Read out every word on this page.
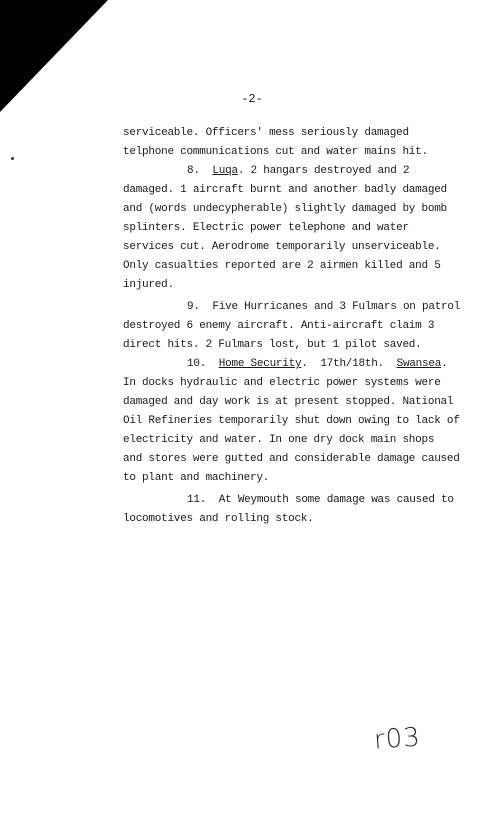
-2-
serviceable. Officers' mess seriously damaged
telphone communications cut and water mains hit.
8. Luqa. 2 hangars destroyed and 2
damaged. 1 aircraft burnt and another badly damaged
and (words undecypherable) slightly damaged by bomb
splinters. Electric power telephone and water
services cut. Aerodrome temporarily unserviceable.
Only casualties reported are 2 airmen killed and 5
injured.
9. Five Hurricanes and 3 Fulmars on patrol
destroyed 6 enemy aircraft. Anti-aircraft claim 3
direct hits. 2 Fulmars lost, but 1 pilot saved.
10. Home Security.  17th/18th.  Swansea.
In docks hydraulic and electric power systems were
damaged and day work is at present stopped. National
Oil Refineries temporarily shut down owing to lack of
electricity and water. In one dry dock main shops
and stores were gutted and considerable damage caused
to plant and machinery.
11. At Weymouth some damage was caused to
locomotives and rolling stock.
r03
